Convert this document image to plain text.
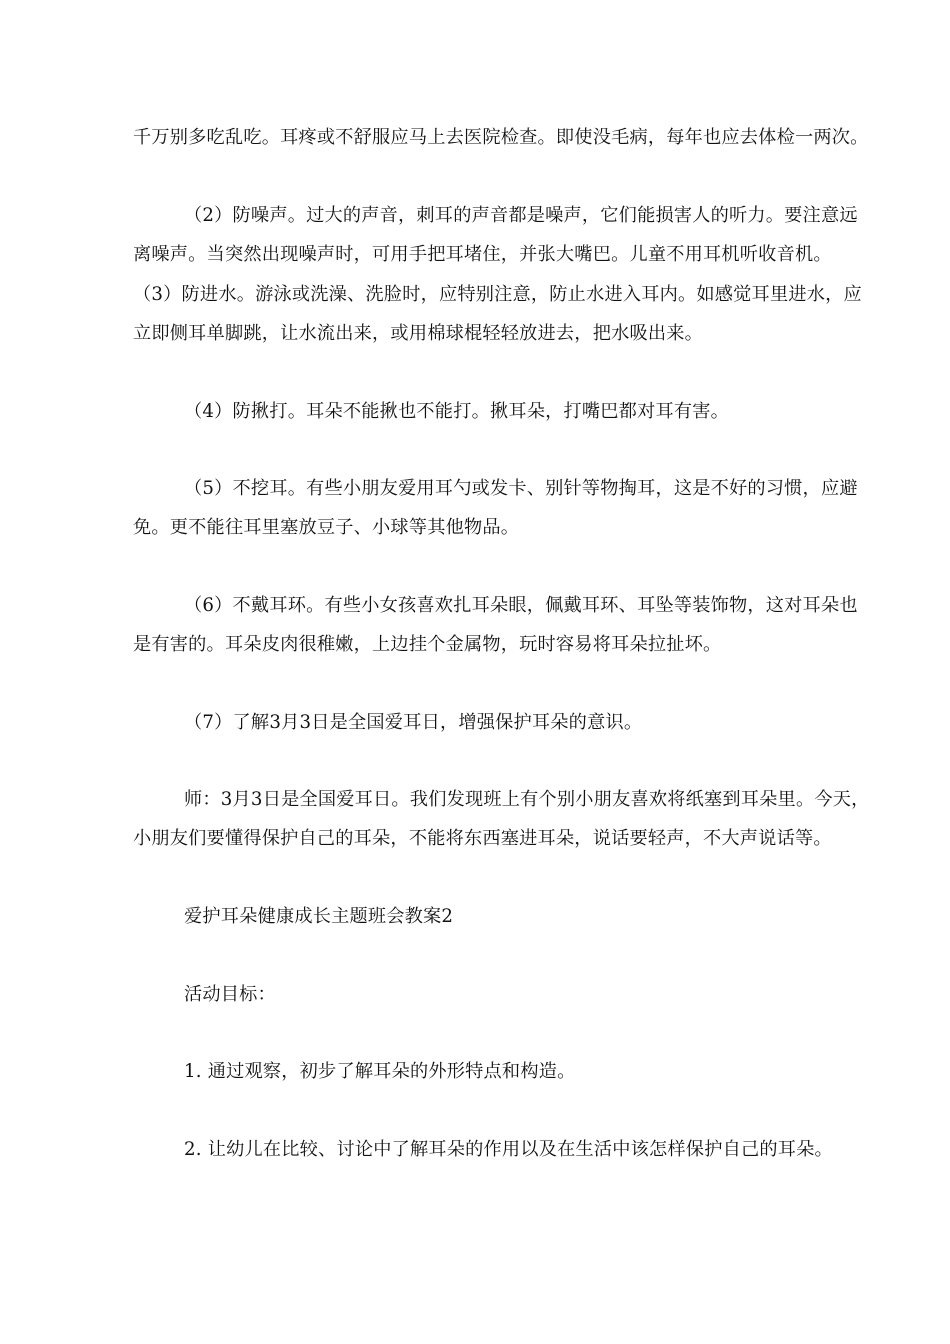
千万别多吃乱吃。耳疼或不舒服应马上去医院检查。即使没毛病，每年也应去体检一两次。
（2）防噪声。过大的声音，刺耳的声音都是噪声，它们能损害人的听力。要注意远
离噪声。当突然出现噪声时，可用手把耳堵住，并张大嘴巴。儿童不用耳机听收音机。
（3）防进水。游泳或洗澡、洗脸时，应特别注意，防止水进入耳内。如感觉耳里进水，应
立即侧耳单脚跳，让水流出来，或用棉球棍轻轻放进去，把水吸出来。
（4）防揪打。耳朵不能揪也不能打。揪耳朵，打嘴巴都对耳有害。
（5）不挖耳。有些小朋友爱用耳勺或发卡、别针等物掏耳，这是不好的习惯，应避
免。更不能往耳里塞放豆子、小球等其他物品。
（6）不戴耳环。有些小女孩喜欢扎耳朵眼，佩戴耳环、耳坠等装饰物，这对耳朵也
是有害的。耳朵皮肉很稚嫩，上边挂个金属物，玩时容易将耳朵拉扯坏。
（7）了解3月3日是全国爱耳日，增强保护耳朵的意识。
师：3月3日是全国爱耳日。我们发现班上有个别小朋友喜欢将纸塞到耳朵里。今天，
小朋友们要懂得保护自己的耳朵，不能将东西塞进耳朵，说话要轻声，不大声说话等。
爱护耳朵健康成长主题班会教案2
活动目标：
1. 通过观察，初步了解耳朵的外形特点和构造。
2. 让幼儿在比较、讨论中了解耳朵的作用以及在生活中该怎样保护自己的耳朵。
